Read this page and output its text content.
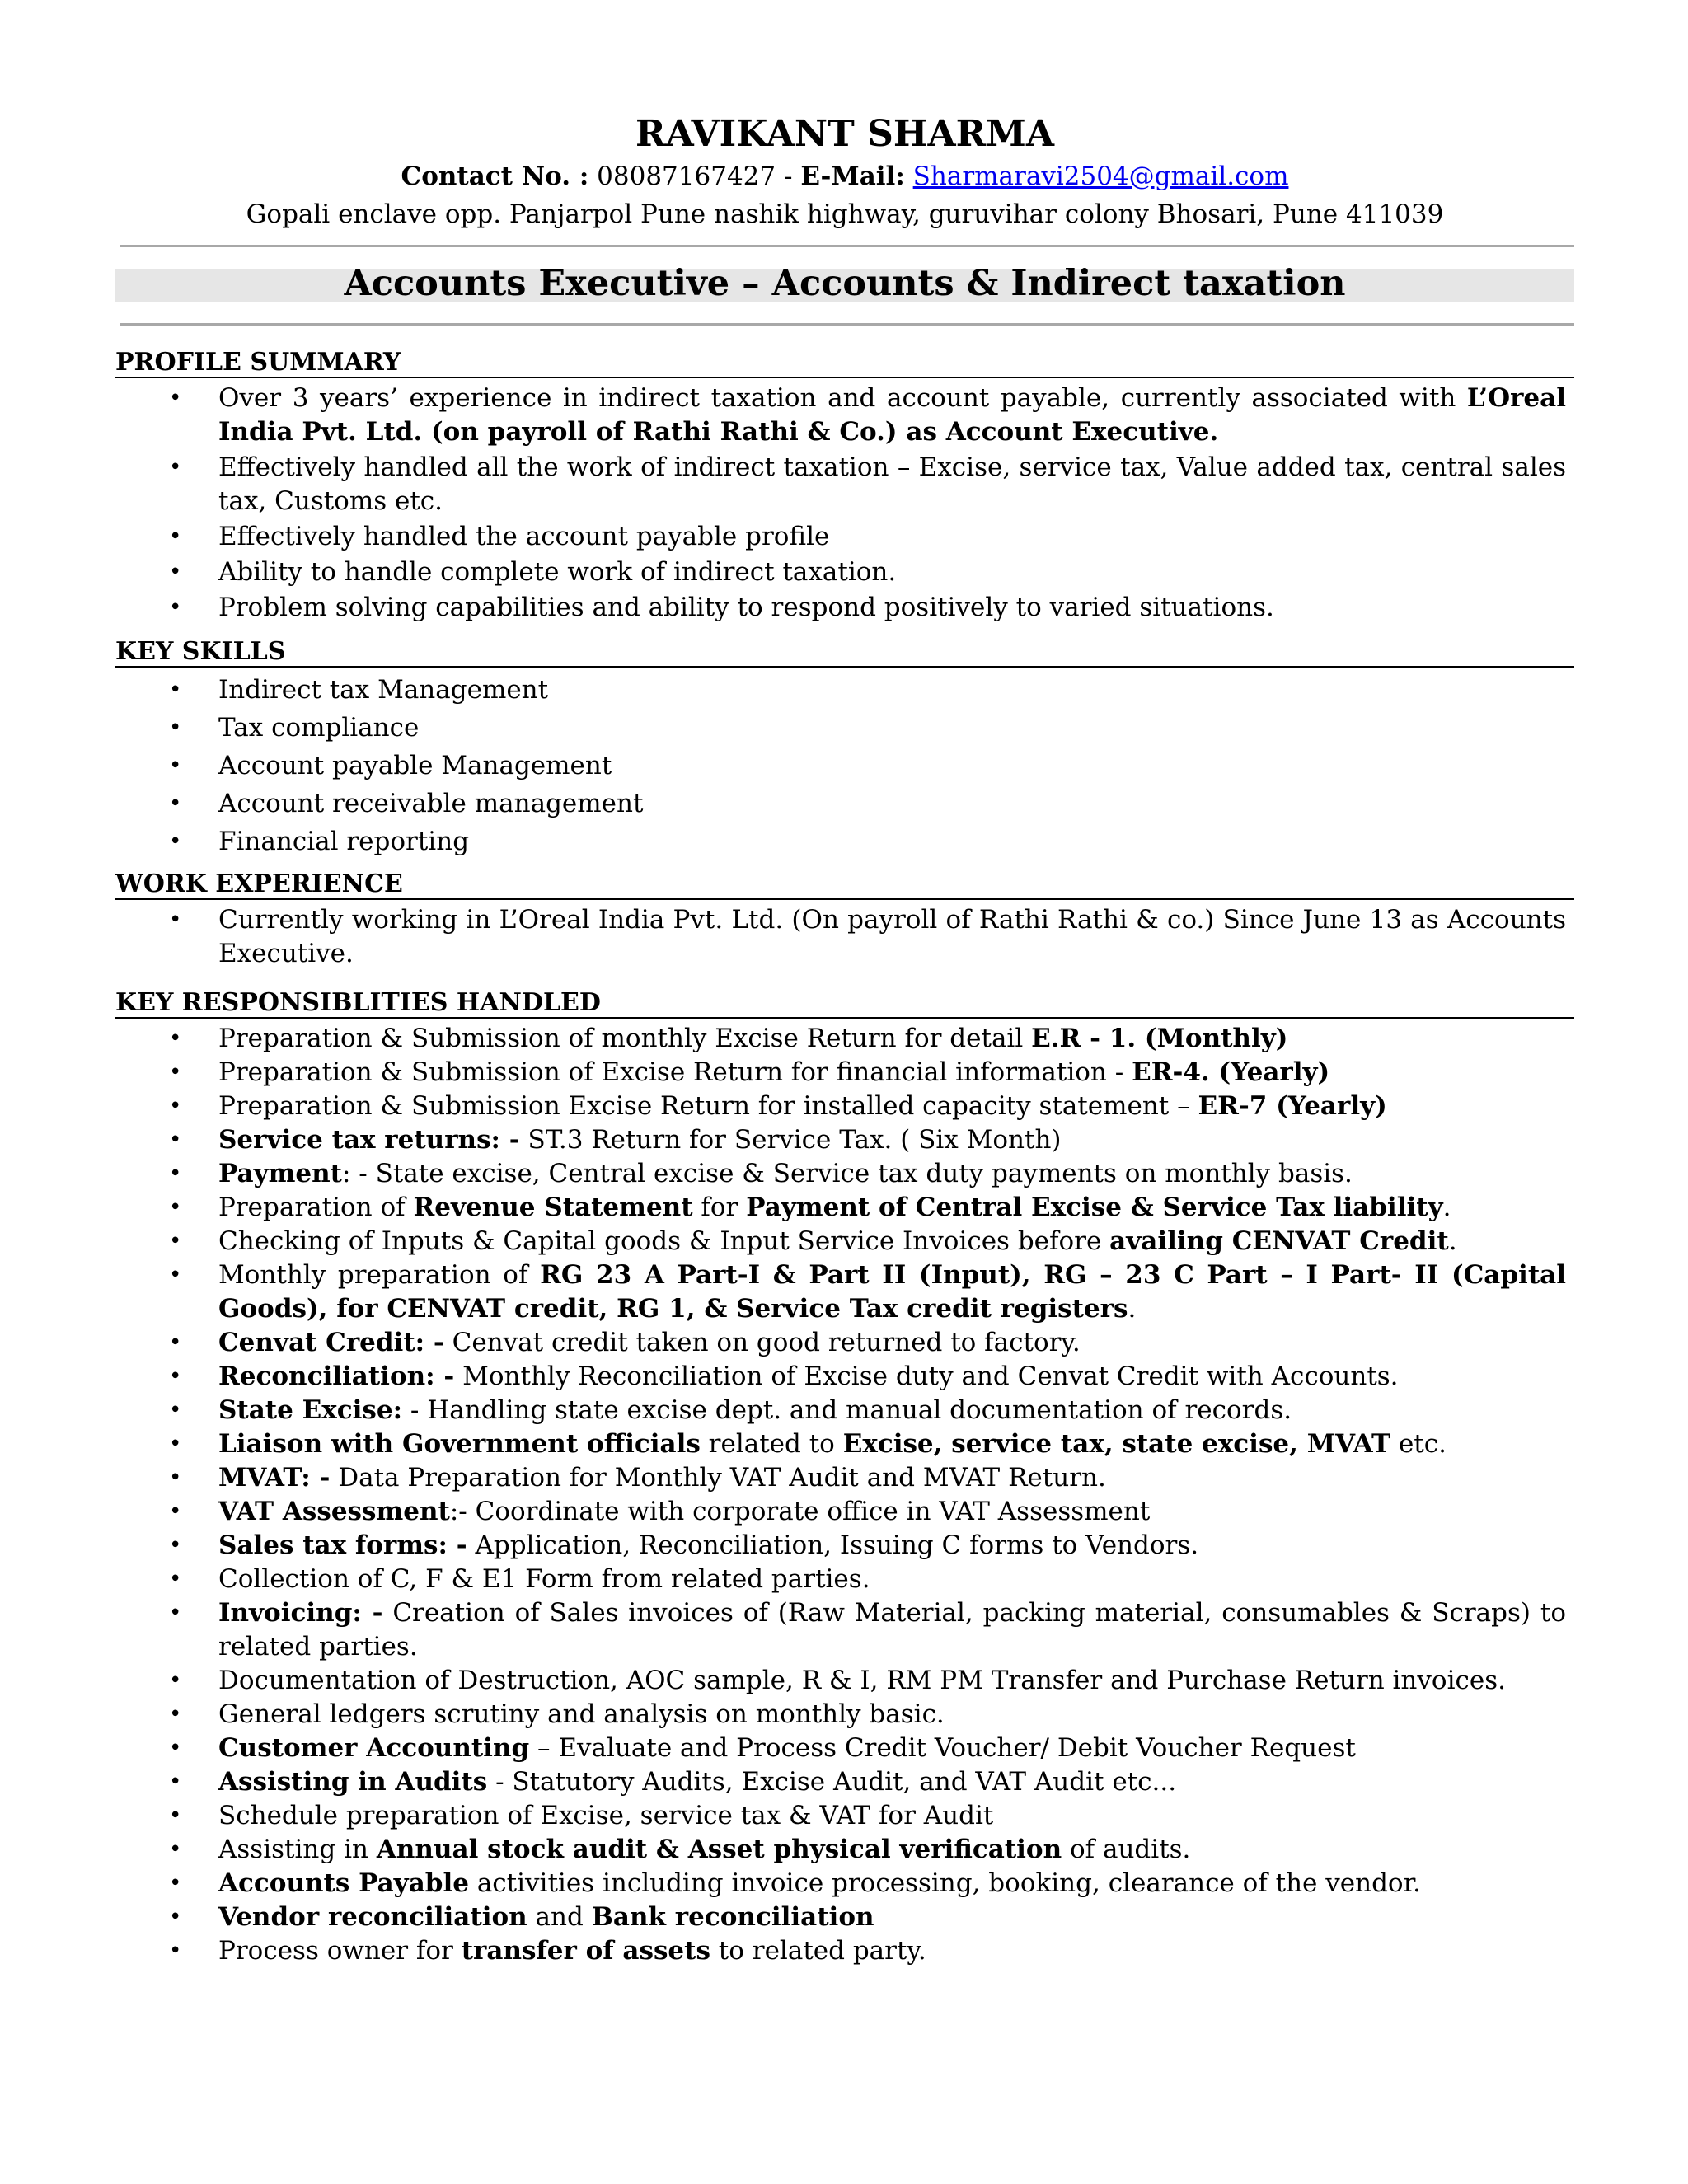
RAVIKANT SHARMA
Contact No. : 08087167427 - E-Mail: Sharmaravi2504@gmail.com
Gopali enclave opp. Panjarpol Pune nashik highway, guruvihar colony Bhosari, Pune 411039
Accounts Executive – Accounts & Indirect taxation
PROFILE SUMMARY
• Over 3 years’ experience in indirect taxation and account payable, currently associated with L’Oreal India Pvt. Ltd. (on payroll of Rathi Rathi & Co.) as Account Executive.
• Effectively handled all the work of indirect taxation – Excise, service tax, Value added tax, central sales tax, Customs etc.
• Effectively handled the account payable profile
• Ability to handle complete work of indirect taxation.
• Problem solving capabilities and ability to respond positively to varied situations.
KEY SKILLS
• Indirect tax Management
• Tax compliance
• Account payable Management
• Account receivable management
• Financial reporting
WORK EXPERIENCE
• Currently working in L’Oreal India Pvt. Ltd. (On payroll of Rathi Rathi & co.) Since June 13 as Accounts Executive.
KEY RESPONSIBLITIES HANDLED
• Preparation & Submission of monthly Excise Return for detail E.R - 1. (Monthly)
• Preparation & Submission of Excise Return for financial information - ER-4. (Yearly)
• Preparation & Submission Excise Return for installed capacity statement – ER-7 (Yearly)
• Service tax returns: - ST.3 Return for Service Tax. ( Six Month)
• Payment: - State excise, Central excise & Service tax duty payments on monthly basis.
• Preparation of Revenue Statement for Payment of Central Excise & Service Tax liability.
• Checking of Inputs & Capital goods & Input Service Invoices before availing CENVAT Credit.
• Monthly preparation of RG 23 A Part-I & Part II (Input), RG – 23 C Part – I Part- II (Capital Goods), for CENVAT credit, RG 1, & Service Tax credit registers.
• Cenvat Credit: - Cenvat credit taken on good returned to factory.
• Reconciliation: - Monthly Reconciliation of Excise duty and Cenvat Credit with Accounts.
• State Excise: - Handling state excise dept. and manual documentation of records.
• Liaison with Government officials related to Excise, service tax, state excise, MVAT etc.
• MVAT: - Data Preparation for Monthly VAT Audit and MVAT Return.
• VAT Assessment:- Coordinate with corporate office in VAT Assessment
• Sales tax forms: - Application, Reconciliation, Issuing C forms to Vendors.
• Collection of C, F & E1 Form from related parties.
• Invoicing: - Creation of Sales invoices of (Raw Material, packing material, consumables & Scraps) to related parties.
• Documentation of Destruction, AOC sample, R & I, RM PM Transfer and Purchase Return invoices.
• General ledgers scrutiny and analysis on monthly basic.
• Customer Accounting – Evaluate and Process Credit Voucher/ Debit Voucher Request
• Assisting in Audits - Statutory Audits, Excise Audit, and VAT Audit etc...
• Schedule preparation of Excise, service tax & VAT for Audit
• Assisting in Annual stock audit & Asset physical verification of audits.
• Accounts Payable activities including invoice processing, booking, clearance of the vendor.
• Vendor reconciliation and Bank reconciliation
• Process owner for transfer of assets to related party.
